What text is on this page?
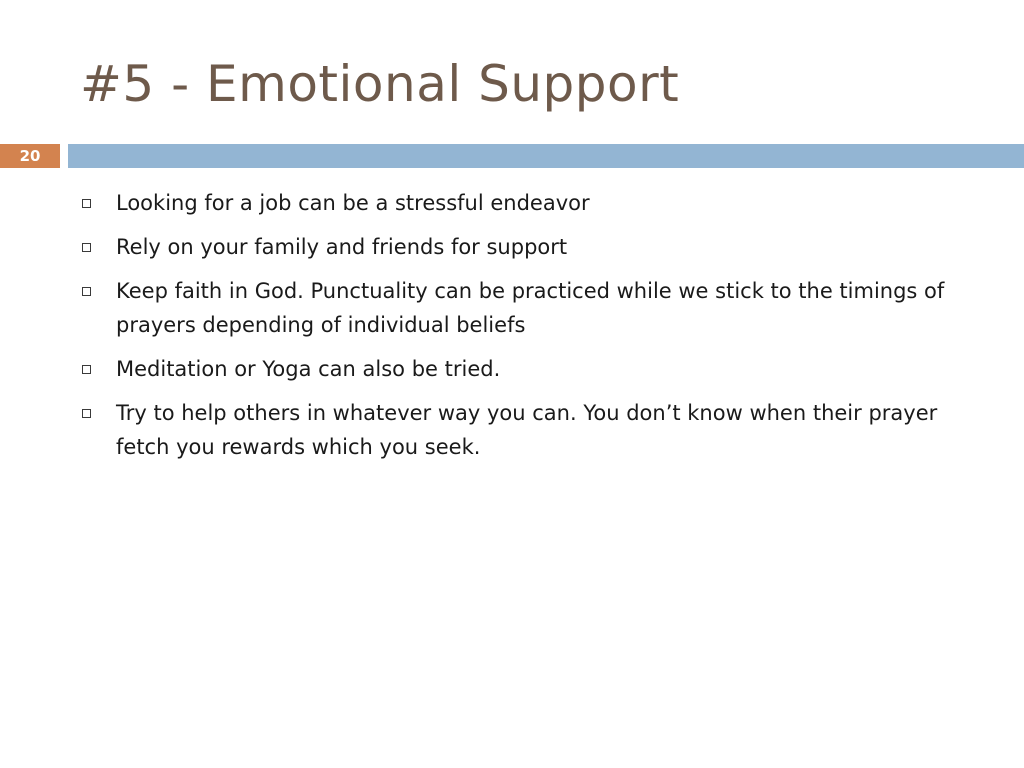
#5 - Emotional Support
20
Looking for a job can be a stressful endeavor
Rely on your family and friends for support
Keep faith in God. Punctuality can be practiced while we stick to the timings of prayers depending of individual beliefs
Meditation or Yoga can also be tried.
Try to help others in whatever way you can. You don’t know when their prayer fetch you rewards which you seek.
